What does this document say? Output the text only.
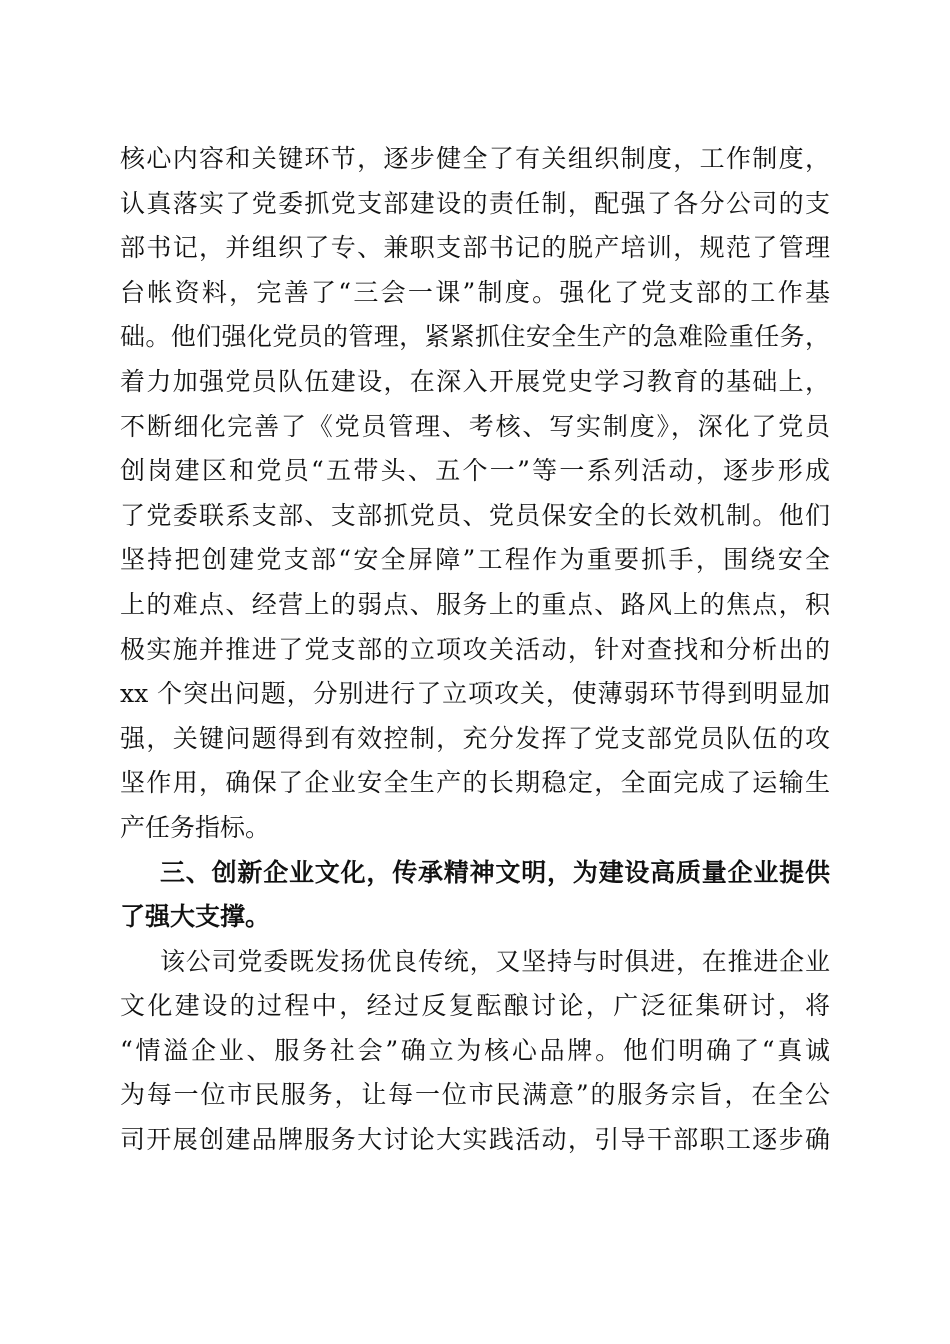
核心内容和关键环节，逐步健全了有关组织制度，工作制度，
认真落实了党委抓党支部建设的责任制，配强了各分公司的支
部书记，并组织了专、兼职支部书记的脱产培训，规范了管理
台帐资料，完善了“三会一课”制度。强化了党支部的工作基
础。他们强化党员的管理，紧紧抓住安全生产的急难险重任务，
着力加强党员队伍建设，在深入开展党史学习教育的基础上，
不断细化完善了《党员管理、考核、写实制度》，深化了党员
创岗建区和党员“五带头、五个一”等一系列活动，逐步形成
了党委联系支部、支部抓党员、党员保安全的长效机制。他们
坚持把创建党支部“安全屏障”工程作为重要抓手，围绕安全
上的难点、经营上的弱点、服务上的重点、路风上的焦点，积
极实施并推进了党支部的立项攻关活动，针对查找和分析出的
xx 个突出问题，分别进行了立项攻关，使薄弱环节得到明显加
强，关键问题得到有效控制，充分发挥了党支部党员队伍的攻
坚作用，确保了企业安全生产的长期稳定，全面完成了运输生
产任务指标。
三、创新企业文化，传承精神文明，为建设高质量企业提供
了强大支撑。
该公司党委既发扬优良传统，又坚持与时俱进，在推进企业
文化建设的过程中，经过反复酝酿讨论，广泛征集研讨，将
“情溢企业、服务社会”确立为核心品牌。他们明确了“真诚
为每一位市民服务，让每一位市民满意”的服务宗旨，在全公
司开展创建品牌服务大讨论大实践活动，引导干部职工逐步确
